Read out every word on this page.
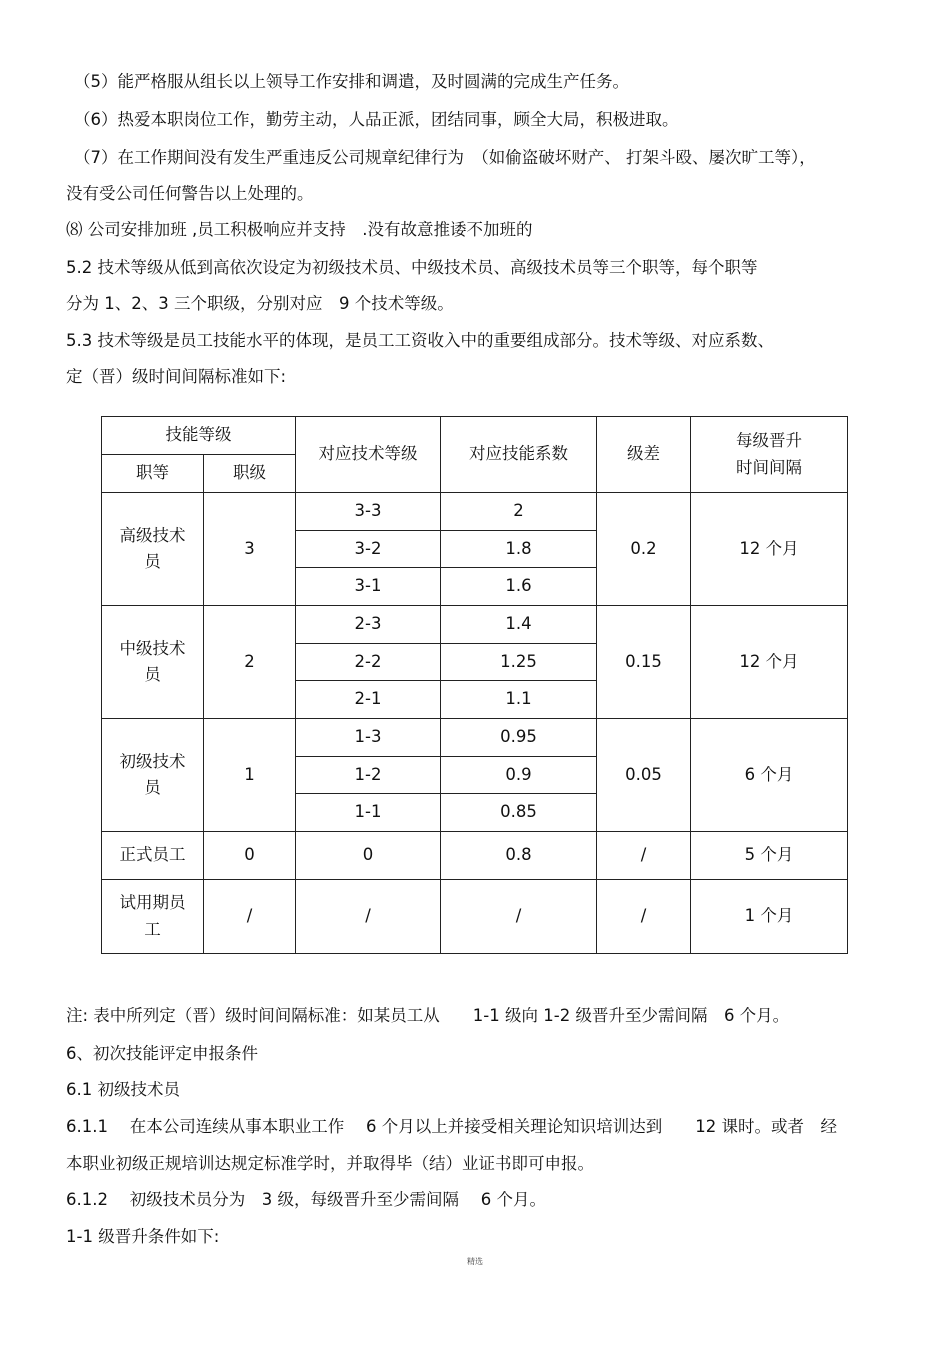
（5）能严格服从组长以上领导工作安排和调遣，及时圆满的完成生产任务。
（6）热爱本职岗位工作，勤劳主动，人品正派，团结同事，顾全大局，积极进取。
（7）在工作期间没有发生严重违反公司规章纪律行为　（如偷盗破坏财产、 打架斗殴、屡次旷工等），
没有受公司任何警告以上处理的。
⑻ 公司安排加班 ,员工积极响应并支持　.没有故意推诿不加班的
5.2 技术等级从低到高依次设定为初级技术员、中级技术员、高级技术员等三个职等，每个职等
分为 1、2、3 三个职级，分别对应　9 个技术等级。
5.3 技术等级是员工技能水平的体现，是员工工资收入中的重要组成部分。技术等级、对应系数、
定（晋）级时间间隔标准如下:
技能等级		对应技术等级	对应技能系数	级差	每级晋升
时间间隔

职等	职级				

高级技术
员	3	3-3	2	0.2	12 个月
		3-2	1.8		
		3-1	1.6		

中级技术
员	2	2-3	1.4	0.15	12 个月
		2-2	1.25		
		2-1	1.1		

初级技术
员	1	1-3	0.95	0.05	6 个月
		1-2	0.9		
		1-1	0.85		
正式员工	0	0	0.8	/	5 个月

试用期员
工	/	/	/	/	1 个月
注: 表中所列定（晋）级时间间隔标准：如某员工从　　1-1 级向 1-2 级晋升至少需间隔　6 个月。
6、初次技能评定申报条件
6.1 初级技术员
6.1.1　 在本公司连续从事本职业工作　 6 个月以上并接受相关理论知识培训达到　　12 课时。或者　经
本职业初级正规培训达规定标准学时，并取得毕（结）业证书即可申报。
6.1.2　 初级技术员分为　3 级，每级晋升至少需间隔　 6 个月。
1-1 级晋升条件如下:
精选
